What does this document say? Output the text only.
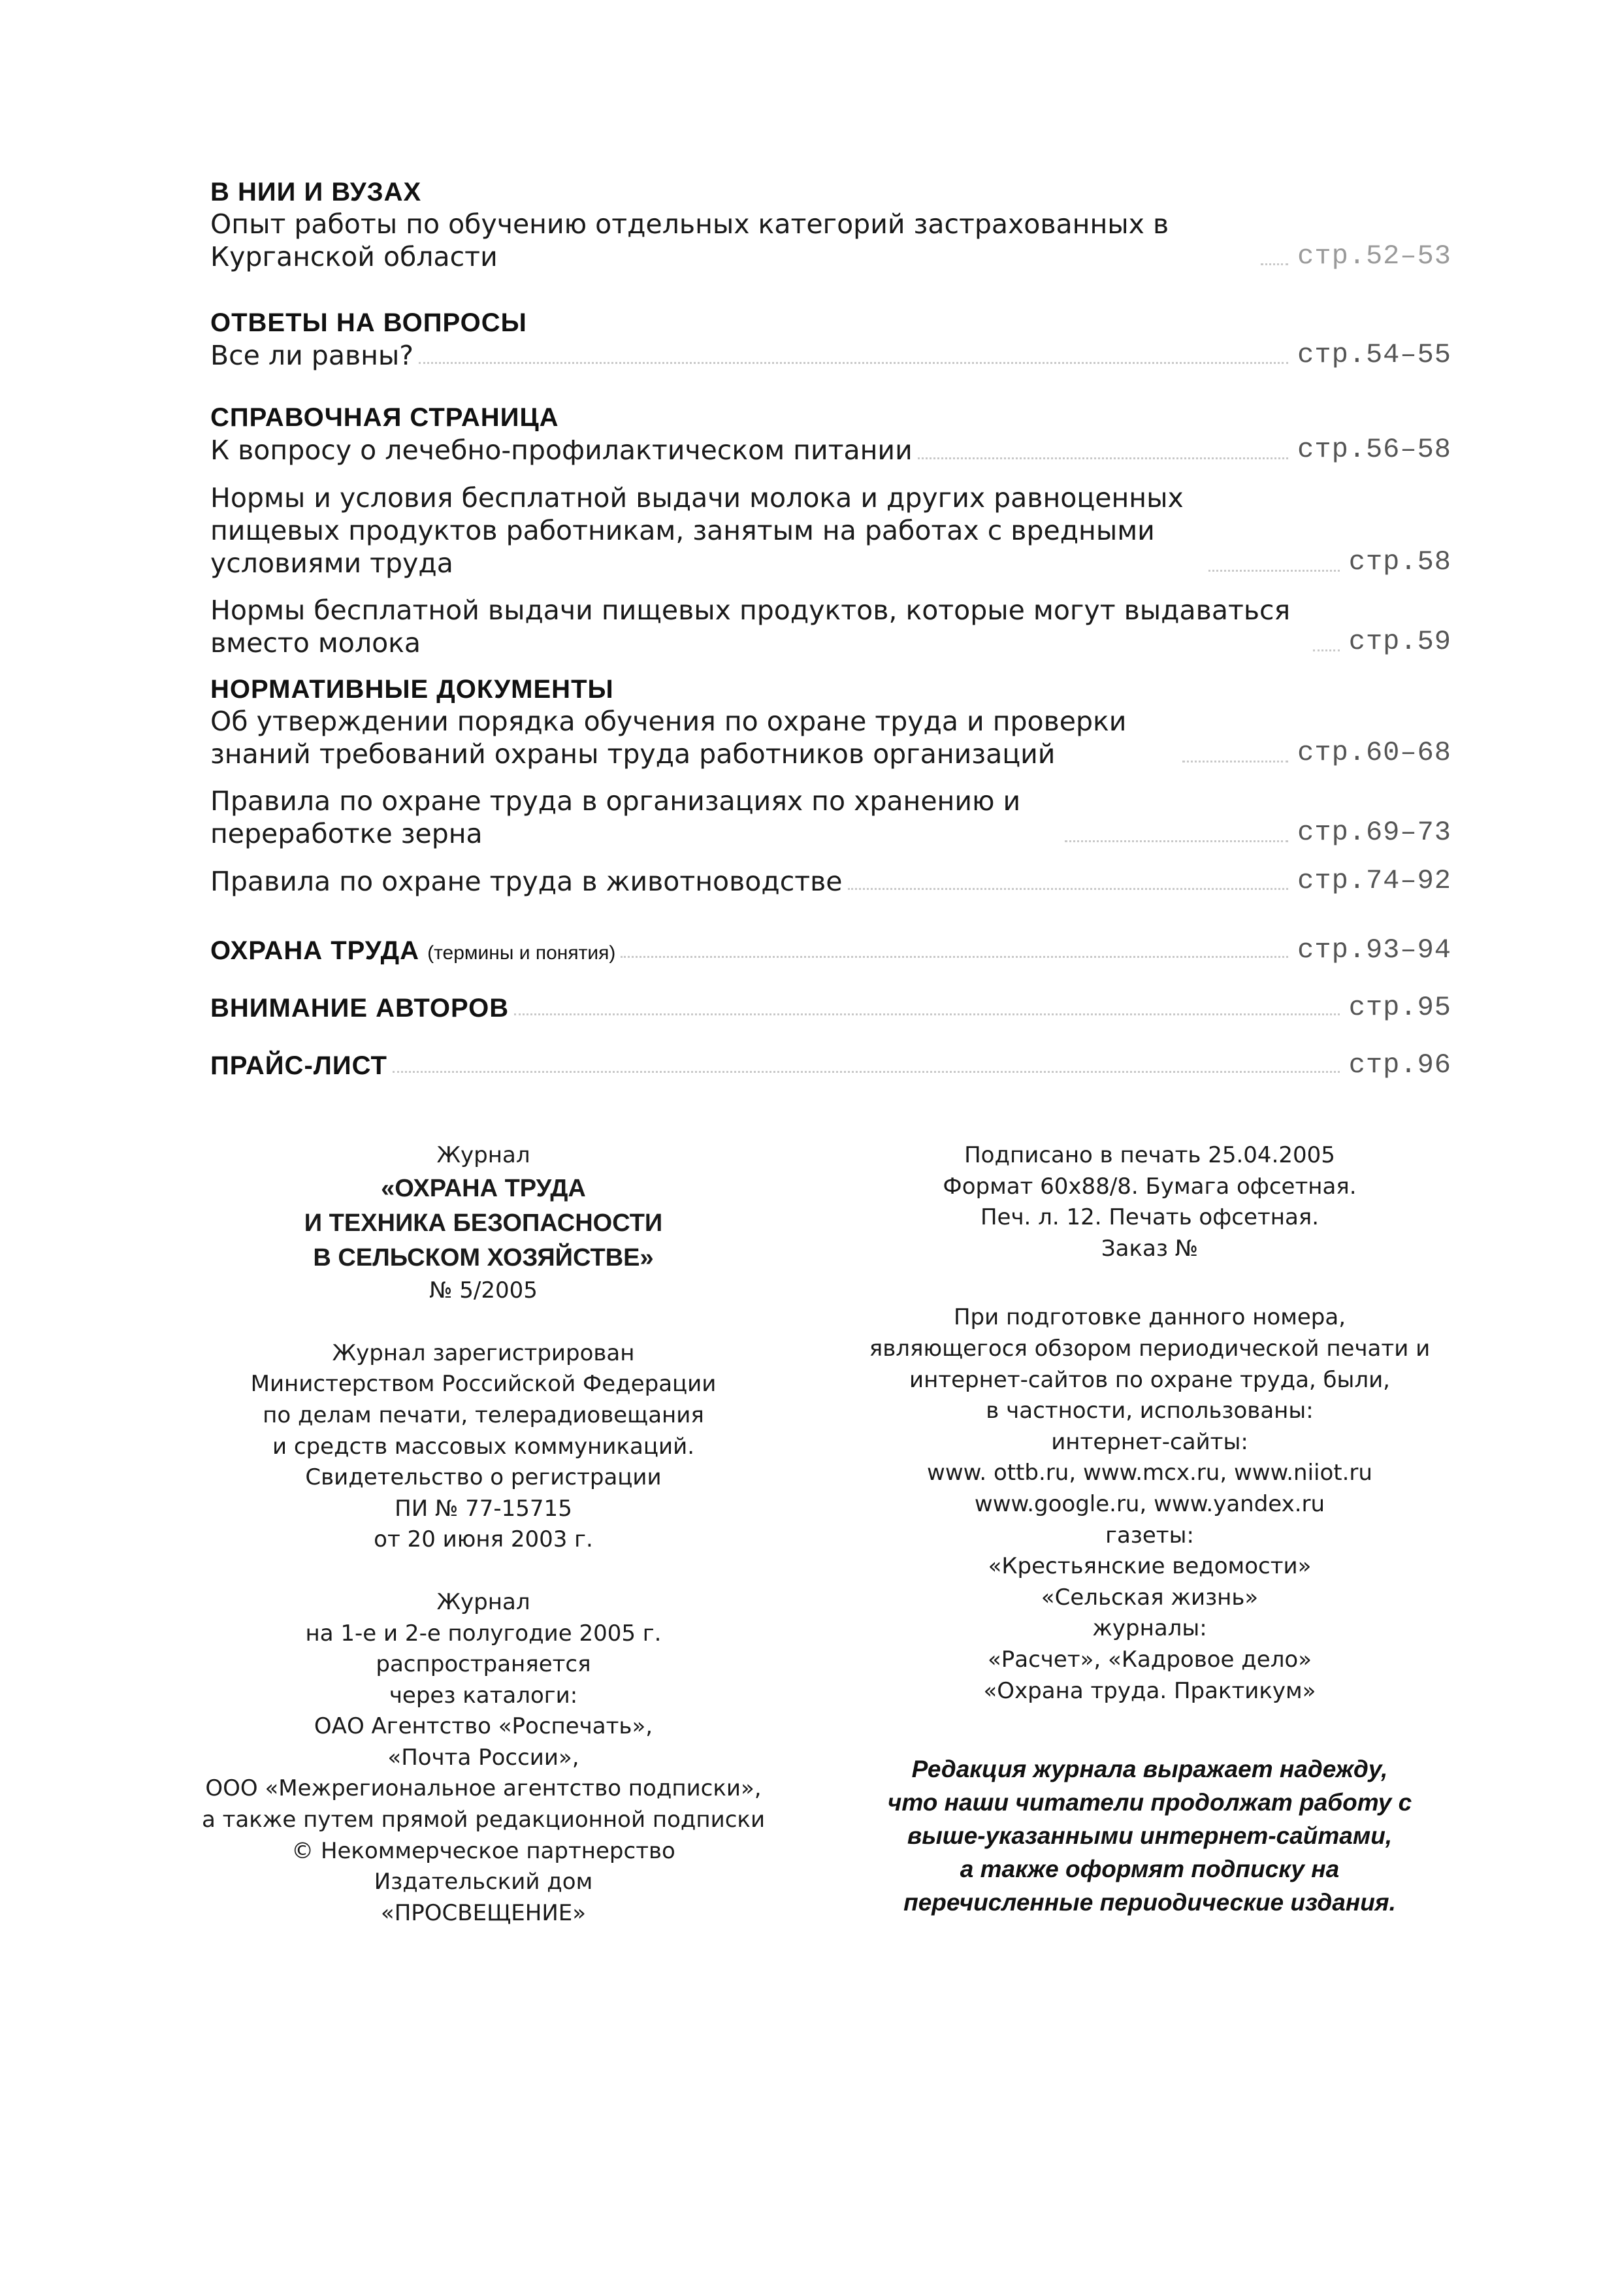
В НИИ И ВУЗАХ
Опыт работы по обучению отдельных категорий застрахованных в Курганской области	стр.52–53
ОТВЕТЫ НА ВОПРОСЫ
Все ли равны?	стр.54–55
СПРАВОЧНАЯ СТРАНИЦА
К вопросу о лечебно-профилактическом питании	стр.56–58
Нормы и условия бесплатной выдачи молока и других равноценных пищевых продуктов работникам, занятым на работах с вредными условиями труда	стр.58
Нормы бесплатной выдачи пищевых продуктов, которые могут выдаваться вместо молока	стр.59
НОРМАТИВНЫЕ ДОКУМЕНТЫ
Об утверждении порядка обучения по охране труда и проверки знаний требований охраны труда работников организаций	стр.60–68
Правила по охране труда в организациях по хранению и переработке зерна	стр.69–73
Правила по охране труда в животноводстве	стр.74–92
ОХРАНА ТРУДА (термины и понятия)	стр.93–94
ВНИМАНИЕ АВТОРОВ	стр.95
ПРАЙС-ЛИСТ	стр.96
Журнал
«ОХРАНА ТРУДА
И ТЕХНИКА БЕЗОПАСНОСТИ
В СЕЛЬСКОМ ХОЗЯЙСТВЕ»
№ 5/2005
Журнал зарегистрирован
Министерством Российской Федерации
по делам печати, телерадиовещания
и средств массовых коммуникаций.
Свидетельство о регистрации
ПИ № 77-15715
от 20 июня 2003 г.
Журнал
на 1-е и 2-е полугодие 2005 г.
распространяется
через каталоги:
ОАО Агентство «Роспечать»,
«Почта России»,
ООО «Межрегиональное агентство подписки»,
а также путем прямой редакционной подписки
© Некоммерческое партнерство
Издательский дом
«ПРОСВЕЩЕНИЕ»
Подписано в печать 25.04.2005
Формат 60х88/8. Бумага офсетная.
Печ. л. 12. Печать офсетная.
Заказ №
При подготовке данного номера,
являющегося обзором периодической печати и
интернет-сайтов по охране труда, были,
в частности, использованы:
интернет-сайты:
www. ottb.ru, www.mcx.ru, www.niiot.ru
www.google.ru, www.yandex.ru
газеты:
«Крестьянские ведомости»
«Сельская жизнь»
журналы:
«Расчет», «Кадровое дело»
«Охрана труда. Практикум»
Редакция журнала выражает надежду,
что наши читатели продолжат работу с
выше-указанными интернет-сайтами,
а также оформят подписку на
перечисленные периодические издания.
